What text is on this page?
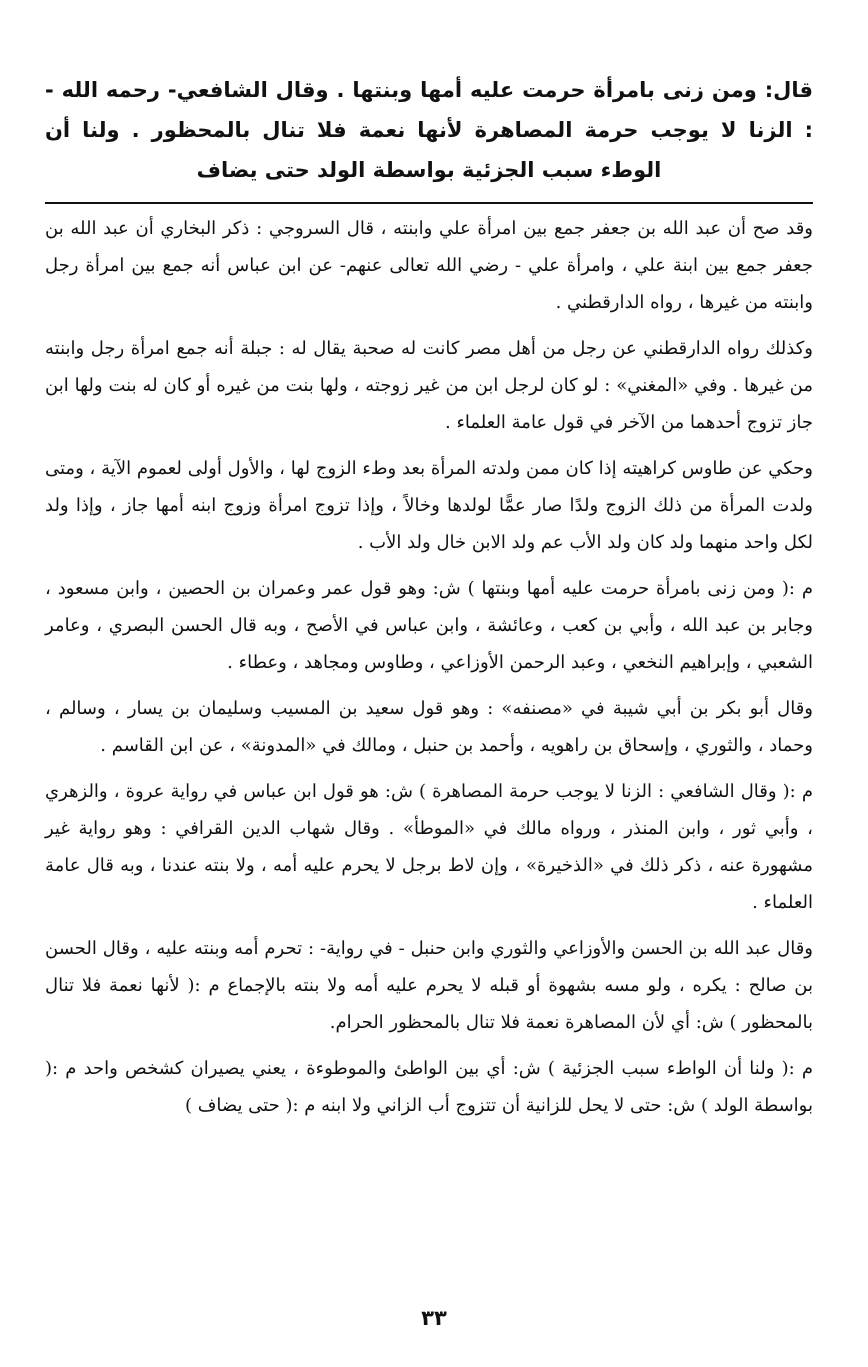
قال: ومن زنى بامرأة حرمت عليه أمها وبنتها . وقال الشافعي- رحمه الله - : الزنا لا يوجب حرمة المصاهرة لأنها نعمة فلا تنال بالمحظور . ولنا أن الوطء سبب الجزئية بواسطة الولد حتى يضاف

وقد صح أن عبد الله بن جعفر جمع بين امرأة علي وابنته ، قال السروجي : ذكر البخاري أن عبد الله بن جعفر جمع بين ابنة علي ، وامرأة علي - رضي الله تعالى عنهم- عن ابن عباس أنه جمع بين امرأة رجل وابنته من غيرها ، رواه الدارقطني .

وكذلك رواه الدارقطني عن رجل من أهل مصر كانت له صحبة يقال له : جبلة أنه جمع امرأة رجل وابنته من غيرها . وفي «المغني» : لو كان لرجل ابن من غير زوجته ، ولها بنت من غيره أو كان له بنت ولها ابن جاز تزوج أحدهما من الآخر في قول عامة العلماء .

وحكي عن طاوس كراهيته إذا كان ممن ولدته المرأة بعد وطء الزوج لها ، والأول أولى لعموم الآية ، ومتى ولدت المرأة من ذلك الزوج ولدًا صار عمًّا لولدها وخالاً ، وإذا تزوج امرأة وزوج ابنه أمها جاز ، وإذا ولد لكل واحد منهما ولد كان ولد الأب عم ولد الابن خال ولد الأب .

م :( ومن زنى بامرأة حرمت عليه أمها وبنتها ) ش: وهو قول عمر وعمران بن الحصين ، وابن مسعود ، وجابر بن عبد الله ، وأبي بن كعب ، وعائشة ، وابن عباس في الأصح ، وبه قال الحسن البصري ، وعامر الشعبي ، وإبراهيم النخعي ، وعبد الرحمن الأوزاعي ، وطاوس ومجاهد ، وعطاء .

وقال أبو بكر بن أبي شيبة في «مصنفه» : وهو قول سعيد بن المسيب وسليمان بن يسار ، وسالم ، وحماد ، والثوري ، وإسحاق بن راهويه ، وأحمد بن حنبل ، ومالك في «المدونة» ، عن ابن القاسم .

م :( وقال الشافعي : الزنا لا يوجب حرمة المصاهرة ) ش: هو قول ابن عباس في رواية عروة ، والزهري ، وأبي ثور ، وابن المنذر ، ورواه مالك في «الموطأ» . وقال شهاب الدين القرافي : وهو رواية غير مشهورة عنه ، ذكر ذلك في «الذخيرة» ، وإن لاط برجل لا يحرم عليه أمه ، ولا بنته عندنا ، وبه قال عامة العلماء .

وقال عبد الله بن الحسن والأوزاعي والثوري وابن حنبل - في رواية- : تحرم أمه وبنته عليه ، وقال الحسن بن صالح : يكره ، ولو مسه بشهوة أو قبله لا يحرم عليه أمه ولا بنته بالإجماع م :( لأنها نعمة فلا تنال بالمحظور ) ش: أي لأن المصاهرة نعمة فلا تنال بالمحظور الحرام.

م :( ولنا أن الواطء سبب الجزئية ) ش: أي بين الواطئ والموطوءة ، يعني يصيران كشخص واحد م :( بواسطة الولد ) ش: حتى لا يحل للزانية أن تتزوج أب الزاني ولا ابنه م :( حتى يضاف )

٣٣
